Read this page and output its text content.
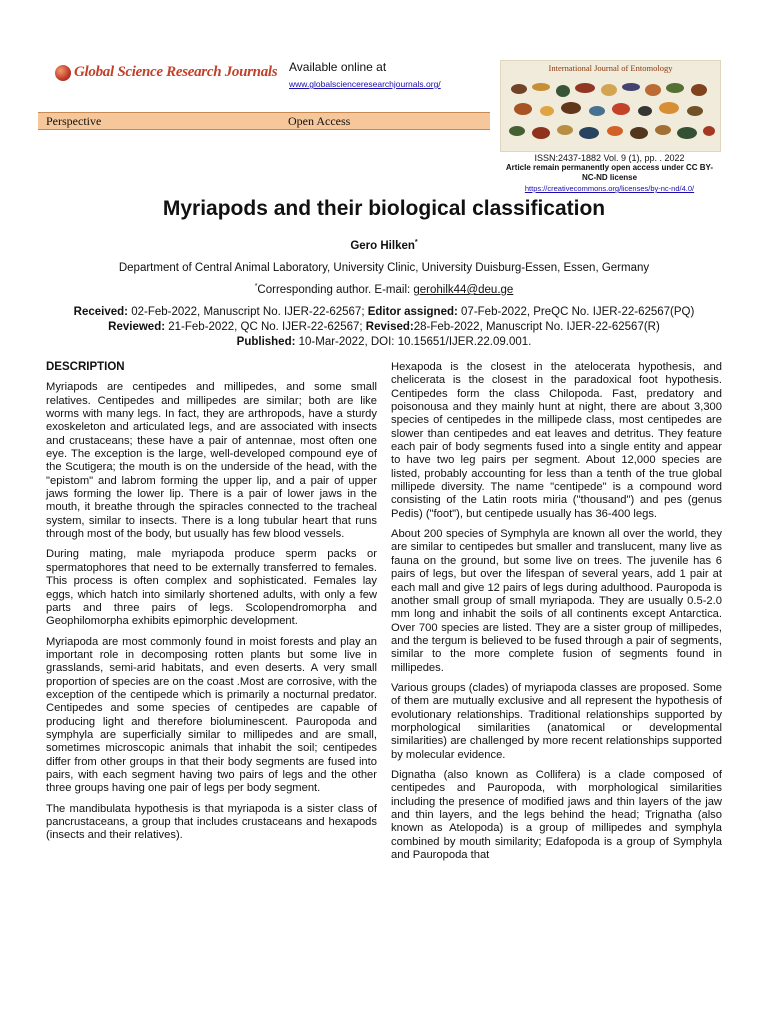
Global Science Research Journals Available online at
www.globalscienceresearchjournals.org/
Perspective	Open Access
International Journal of Entomology
ISSN:2437-1882 Vol. 9 (1), pp. . 2022
Article remain permanently open access under CC BY-NC-ND license
https://creativecommons.org/licenses/by-nc-nd/4.0/
Myriapods and their biological classification
Gero Hilken*
Department of Central Animal Laboratory, University Clinic, University Duisburg-Essen, Essen, Germany
*Corresponding author. E-mail: gerohilk44@deu.ge
Received: 02-Feb-2022, Manuscript No. IJER-22-62567; Editor assigned: 07-Feb-2022, PreQC No. IJER-22-62567(PQ)
Reviewed: 21-Feb-2022, QC No. IJER-22-62567; Revised:28-Feb-2022, Manuscript No. IJER-22-62567(R)
Published: 10-Mar-2022, DOI: 10.15651/IJER.22.09.001.
DESCRIPTION

Myriapods are centipedes and millipedes, and some small relatives. Centipedes and millipedes are similar; both are like worms with many legs. In fact, they are arthropods, have a sturdy exoskeleton and articulated legs, and are associated with insects and crustaceans; these have a pair of antennae, most often one eye. The exception is the large, well-developed compound eye of the Scutigera; the mouth is on the underside of the head, with the "epistom" and labrom forming the upper lip, and a pair of upper jaws forming the lower lip. There is a pair of lower jaws in the mouth, it breathe through the spiracles connected to the tracheal system, similar to insects. There is a long tubular heart that runs through most of the body, but usually has few blood vessels.

During mating, male myriapoda produce sperm packs or spermatophores that need to be externally transferred to females. This process is often complex and sophisticated. Females lay eggs, which hatch into similarly shortened adults, with only a few parts and three pairs of legs. Scolopendromorpha and Geophilomorpha exhibits epimorphic development.

Myriapoda are most commonly found in moist forests and play an important role in decomposing rotten plants but some live in grasslands, semi-arid habitats, and even deserts. A very small proportion of species are on the coast .Most are corrosive, with the exception of the centipede which is primarily a nocturnal predator. Centipedes and some species of centipedes are capable of producing light and therefore bioluminescent. Pauropoda and symphyla are superficially similar to millipedes and are small, sometimes microscopic animals that inhabit the soil; centipedes differ from other groups in that their body segments are fused into pairs, with each segment having two pairs of legs and the other three groups having one pair of legs per body segment.

The mandibulata hypothesis is that myriapoda is a sister class of pancrustaceans, a group that includes crustaceans and hexapods (insects and their relatives).

Hexapoda is the closest in the atelocerata hypothesis, and chelicerata is the closest in the paradoxical foot hypothesis. Centipedes form the class Chilopoda. Fast, predatory and poisonousa and they mainly hunt at night, there are about 3,300 species of centipedes in the millipede class, most centipedes are slower than centipedes and eat leaves and detritus. They feature each pair of body segments fused into a single entity and appear to have two leg pairs per segment. About 12,000 species are listed, probably accounting for less than a tenth of the true global millipede diversity. The name "centipede" is a compound word consisting of the Latin roots miria ("thousand") and pes (genus Pedis) ("foot"), but centipede usually has 36-400 legs.

About 200 species of Symphyla are known all over the world, they are similar to centipedes but smaller and translucent, many live as fauna on the ground, but some live on trees. The juvenile has 6 pairs of legs, but over the lifespan of several years, add 1 pair at each mall and give 12 pairs of legs during adulthood. Pauropoda is another small group of small myriapoda. They are usually 0.5-2.0 mm long and inhabit the soils of all continents except Antarctica. Over 700 species are listed. They are a sister group of millipedes, and the tergum is believed to be fused through a pair of segments, similar to the more complete fusion of segments found in millipedes.

Various groups (clades) of myriapoda classes are proposed. Some of them are mutually exclusive and all represent the hypothesis of evolutionary relationships. Traditional relationships supported by morphological similarities (anatomical or developmental similarities) are challenged by more recent relationships supported by molecular evidence.

Dignatha (also known as Collifera) is a clade composed of centipedes and Pauropoda, with morphological similarities including the presence of modified jaws and thin layers of the jaw and thin layers, and the legs behind the head; Trignatha (also known as Atelopoda) is a group of millipedes and symphyla combined by mouth similarity; Edafopoda is a group of Symphyla and Pauropoda that
